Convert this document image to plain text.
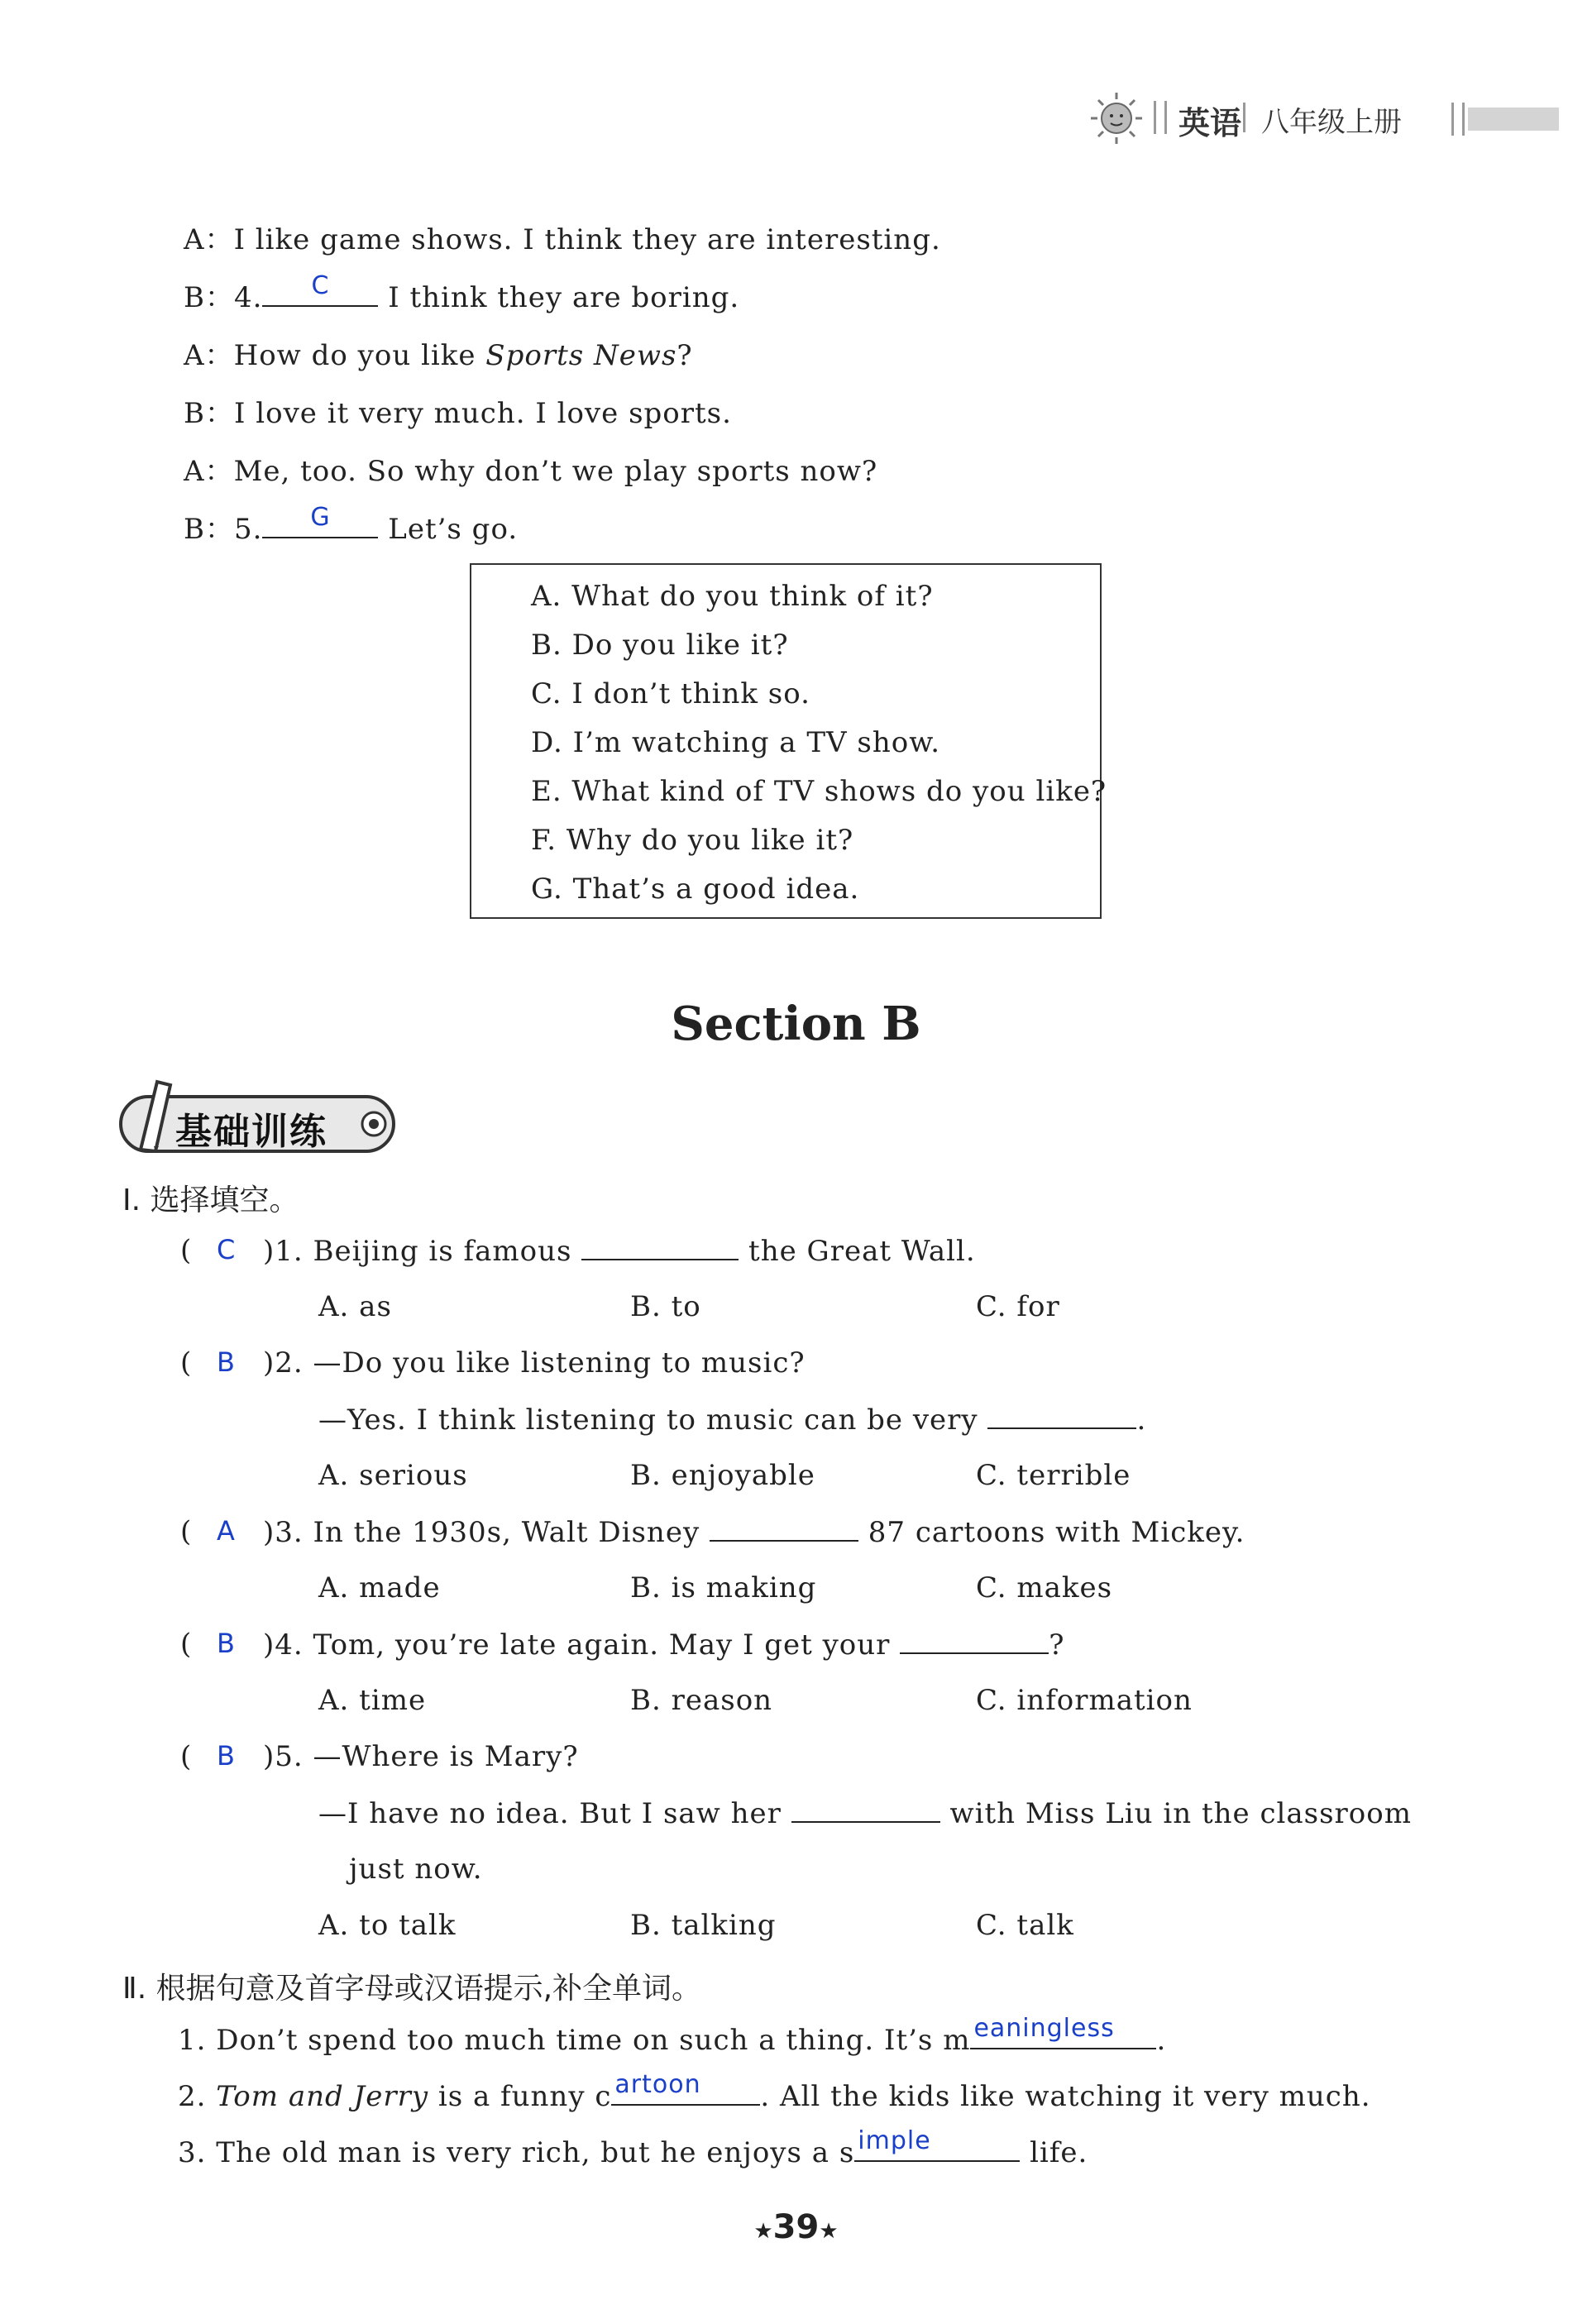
英语 八年级上册
A：I like game shows. I think they are interesting.
B：4.	C	I think they are boring.
A：How do you like Sports News?
B：I love it very much. I love sports.
A：Me, too. So why don’t we play sports now?
B：5.	G	Let’s go.
A. What do you think of it?
B. Do you like it?
C. I don’t think so.
D. I’m watching a TV show.
E. What kind of TV shows do you like?
F. Why do you like it?
G. That’s a good idea.
Section B
基础训练
Ⅰ. 选择填空。
( C )1. Beijing is famous	the Great Wall.
A. as	B. to	C. for
( B )2. —Do you like listening to music?
—Yes. I think listening to music can be very	.
A. serious	B. enjoyable	C. terrible
( A )3. In the 1930s, Walt Disney	87 cartoons with Mickey.
A. made	B. is making	C. makes
( B )4. Tom, you’re late again. May I get your	?
A. time	B. reason	C. information
( B )5. —Where is Mary?
—I have no idea. But I saw her	with Miss Liu in the classroom
just now.
A. to talk	B. talking	C. talk
Ⅱ. 根据句意及首字母或汉语提示,补全单词。
1. Don’t spend too much time on such a thing. It’s m eaningless	.
2. Tom and Jerry is a funny c artoon	. All the kids like watching it very much.
3. The old man is very rich, but he enjoys a s imple	life.
★39★
